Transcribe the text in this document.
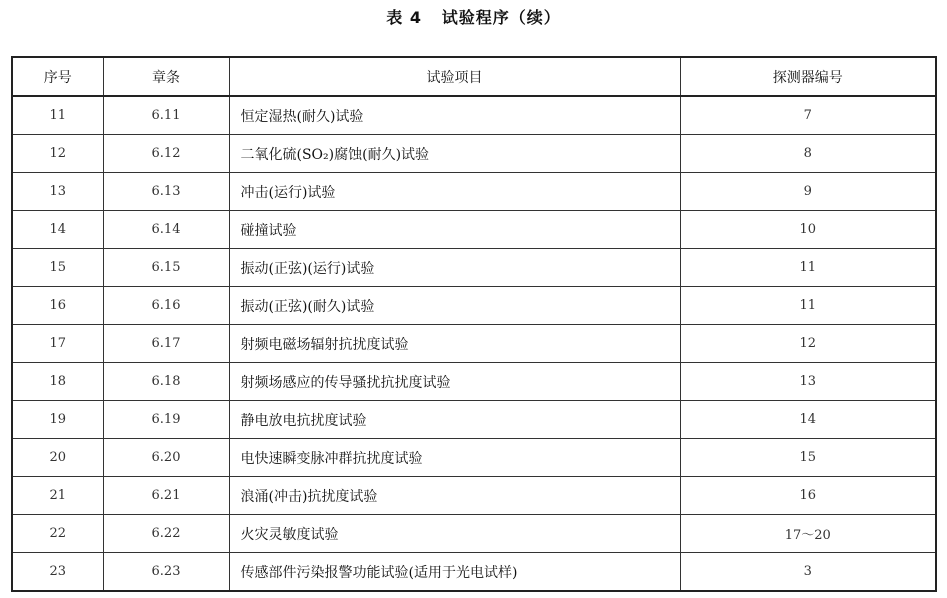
表 4   试验程序（续）
序号	章条	试验项目	探测器编号
11	6.11	恒定湿热(耐久)试验	7
12	6.12	二氧化硫(SO₂)腐蚀(耐久)试验	8
13	6.13	冲击(运行)试验	9
14	6.14	碰撞试验	10
15	6.15	振动(正弦)(运行)试验	11
16	6.16	振动(正弦)(耐久)试验	11
17	6.17	射频电磁场辐射抗扰度试验	12
18	6.18	射频场感应的传导骚扰抗扰度试验	13
19	6.19	静电放电抗扰度试验	14
20	6.20	电快速瞬变脉冲群抗扰度试验	15
21	6.21	浪涌(冲击)抗扰度试验	16
22	6.22	火灾灵敏度试验	17～20
23	6.23	传感部件污染报警功能试验(适用于光电试样)	3
